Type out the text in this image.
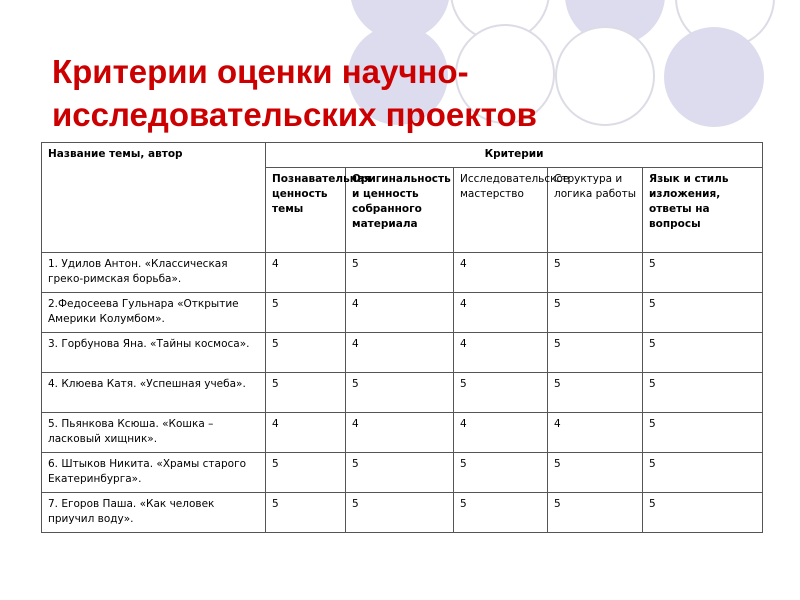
Критерии оценки научно-
исследовательских проектов
Название темы, автор	Критерии				
	Познавательная ценность темы	Оригинальность и ценность собранного материала	Исследовательское мастерство	Структура и логика работы	Язык и стиль изложения, ответы на вопросы
1. Удилов Антон. «Классическая греко-римская борьба».	4	5	4	5	5
2.Федосеева Гульнара «Открытие Америки Колумбом».	5	4	4	5	5
3. Горбунова Яна. «Тайны космоса».	5	4	4	5	5
4. Клюева Катя. «Успешная учеба».	5	5	5	5	5
5. Пьянкова Ксюша. «Кошка – ласковый хищник».	4	4	4	4	5
6. Штыков Никита. «Храмы старого Екатеринбурга».	5	5	5	5	5
7. Егоров Паша. «Как человек приучил воду».	5	5	5	5	5
